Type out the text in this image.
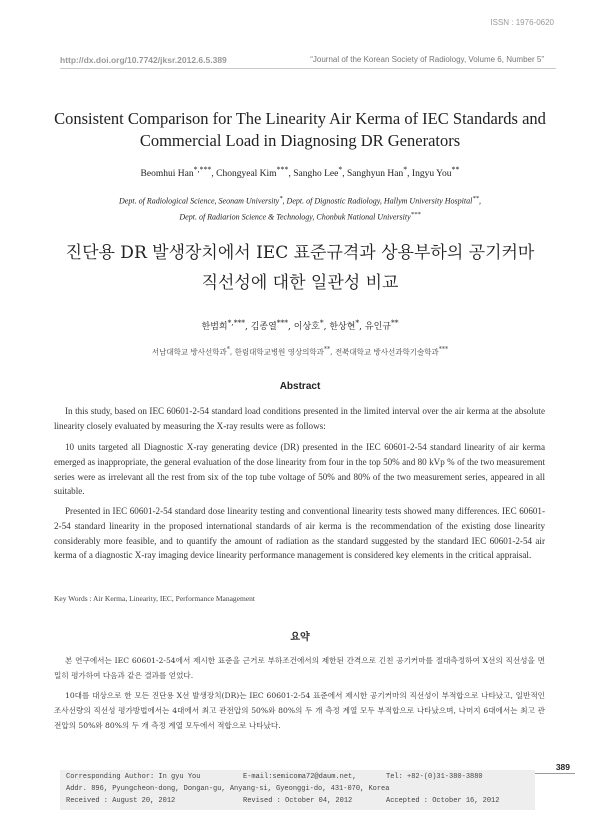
ISSN : 1976-0620
http://dx.doi.org/10.7742/jksr.2012.6.5.389	“Journal of the Korean Society of Radiology, Volume 6, Number 5”
Consistent Comparison for The Linearity Air Kerma of IEC Standards and
Commercial Load in Diagnosing DR Generators
Beomhui Han*,***, Chongyeal Kim***, Sangho Lee*, Sanghyun Han*, Ingyu You**
Dept. of Radiological Science, Seonam University*, Dept. of Dignostic Radiology, Hallym University Hospital**,
Dept. of Radiarion Science & Technology, Chonbuk National University***
진단용 DR 발생장치에서 IEC 표준규격과 상용부하의 공기커마
직선성에 대한 일관성 비교
한범희*,***, 김종열***, 이상호*, 한상현*, 유인규**
서남대학교 방사선학과*, 한림대학교병원 영상의학과**, 전북대학교 방사선과학기술학과***
Abstract
In this study, based on IEC 60601-2-54 standard load conditions presented in the limited interval over the air kerma at the absolute linearity closely evaluated by measuring the X-ray results were as follows:
10 units targeted all Diagnostic X-ray generating device (DR) presented in the IEC 60601-2-54 standard linearity of air kerma emerged as inappropriate, the general evaluation of the dose linearity from four in the top 50% and 80 kVp % of the two measurement series were as irrelevant all the rest from six of the top tube voltage of 50% and 80% of the two measurement series, appeared in all suitable.
Presented in IEC 60601-2-54 standard dose linearity testing and conventional linearity tests showed many differences. IEC 60601-2-54 standard linearity in the proposed international standards of air kerma is the recommendation of the existing dose linearity considerably more feasible, and to quantify the amount of radiation as the standard suggested by the standard IEC 60601-2-54 air kerma of a diagnostic X-ray imaging device linearity performance management is considered key elements in the critical appraisal.
Key Words : Air Kerma, Linearity, IEC, Performance Management
요약
본 연구에서는 IEC 60601-2-54에서 제시한 표준을 근거로 부하조건에서의 제한된 간격으로 긴친 공기커마를 절대측정하여 X선의 직선성을 면밀히 평가하여 다음과 같은 결과를 얻었다.
10대를 대상으로 한 모든 진단용 X선 발생장치(DR)는 IEC 60601-2-54 표준에서 제시한 공기커마의 직선성이 부적합으로 나타났고, 일반적인 조사선량의 직선성 평가방법에서는 4대에서 최고 관전압의 50%와 80%의 두 개 측정 계열 모두 부적합으로 나타났으며, 나머지 6대에서는 최고 관전압의 50%와 80%의 두 개 측정 계열 모두에서 적합으로 나타났다.
389
Corresponding Author: In gyu You	E-mail:semicoma72@daum.net,	Tel: +82-(0)31-380-3880
Addr. 896, Pyungcheon-dong, Dongan-gu, Anyang-si, Gyeonggi-do, 431-070, Korea
Received : August 20, 2012	Revised : October 04, 2012	Accepted : October 16, 2012
